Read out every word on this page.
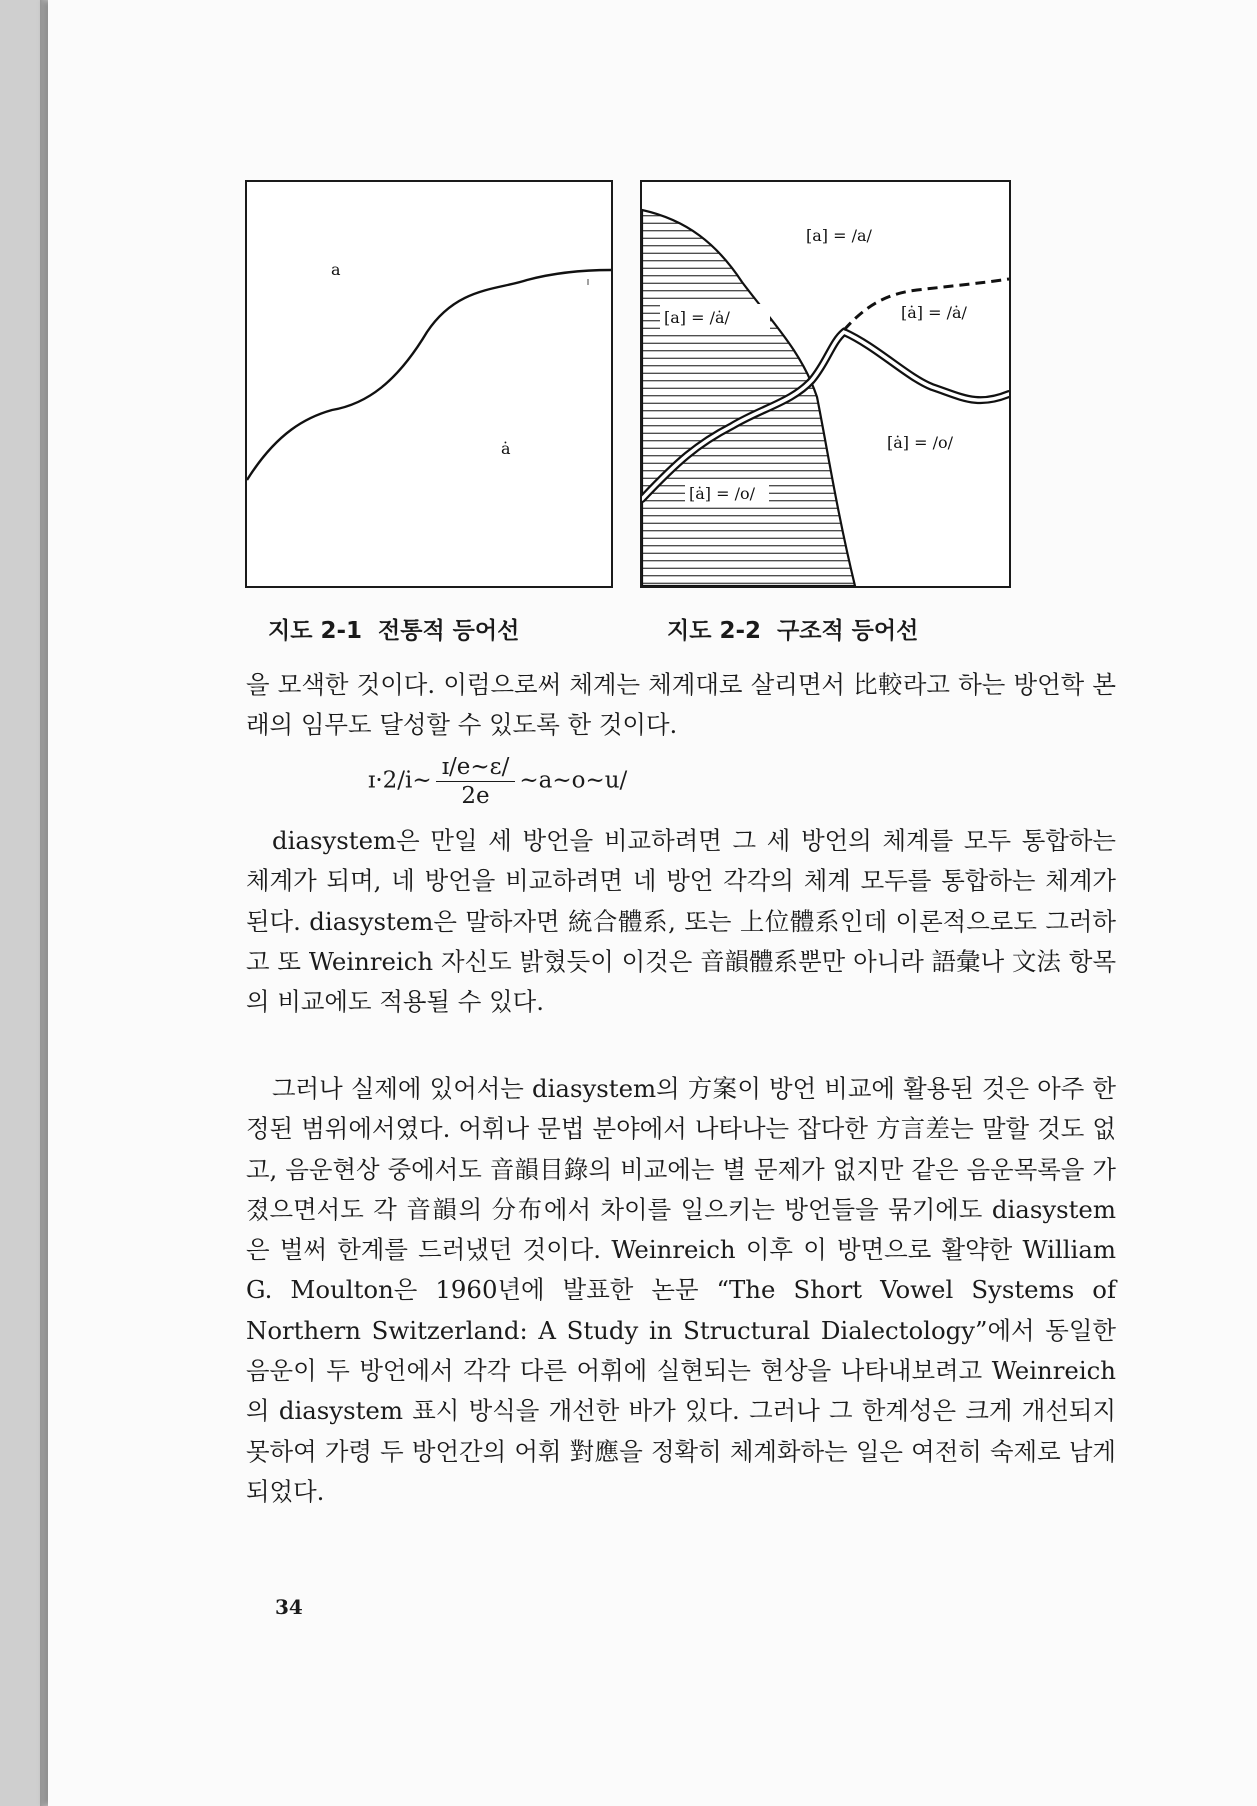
a
ȧ
지도 2-1  전통적 등어선
[a] = /a/
[a] = /ȧ/	[ȧ] = /ȧ/
[ȧ] = /o/
[ȧ] = /o/
지도 2-2  구조적 등어선

을 모색한 것이다. 이럼으로써 체계는 체계대로 살리면서 比較라고 하는 방언학 본래의 임무도 달성할 수 있도록 한 것이다.

ɪ·2/i~ $\frac{\text{ɪ/e\textasciitilde{}ε/}}{2e}$ ~a~o~u/

diasystem은 만일 세 방언을 비교하려면 그 세 방언의 체계를 모두 통합하는 체계가 되며, 네 방언을 비교하려면 네 방언 각각의 체계 모두를 통합하는 체계가 된다. diasystem은 말하자면 統合體系, 또는 上位體系인데 이론적으로도 그러하고 또 Weinreich 자신도 밝혔듯이 이것은 音韻體系뿐만 아니라 語彙나 文法 항목의 비교에도 적용될 수 있다.

그러나 실제에 있어서는 diasystem의 方案이 방언 비교에 활용된 것은 아주 한정된 범위에서였다. 어휘나 문법 분야에서 나타나는 잡다한 方言差는 말할 것도 없고, 음운현상 중에서도 音韻目錄의 비교에는 별 문제가 없지만 같은 음운목록을 가졌으면서도 각 音韻의 分布에서 차이를 일으키는 방언들을 묶기에도 diasystem은 벌써 한계를 드러냈던 것이다. Weinreich 이후 이 방면으로 활약한 William G. Moulton은 1960년에 발표한 논문 “The Short Vowel Systems of Northern Switzerland: A Study in Structural Dialectology”에서 동일한 음운이 두 방언에서 각각 다른 어휘에 실현되는 현상을 나타내보려고 Weinreich의 diasystem 표시 방식을 개선한 바가 있다. 그러나 그 한계성은 크게 개선되지 못하여 가령 두 방언간의 어휘 對應을 정확히 체계화하는 일은 여전히 숙제로 남게 되었다.

34
